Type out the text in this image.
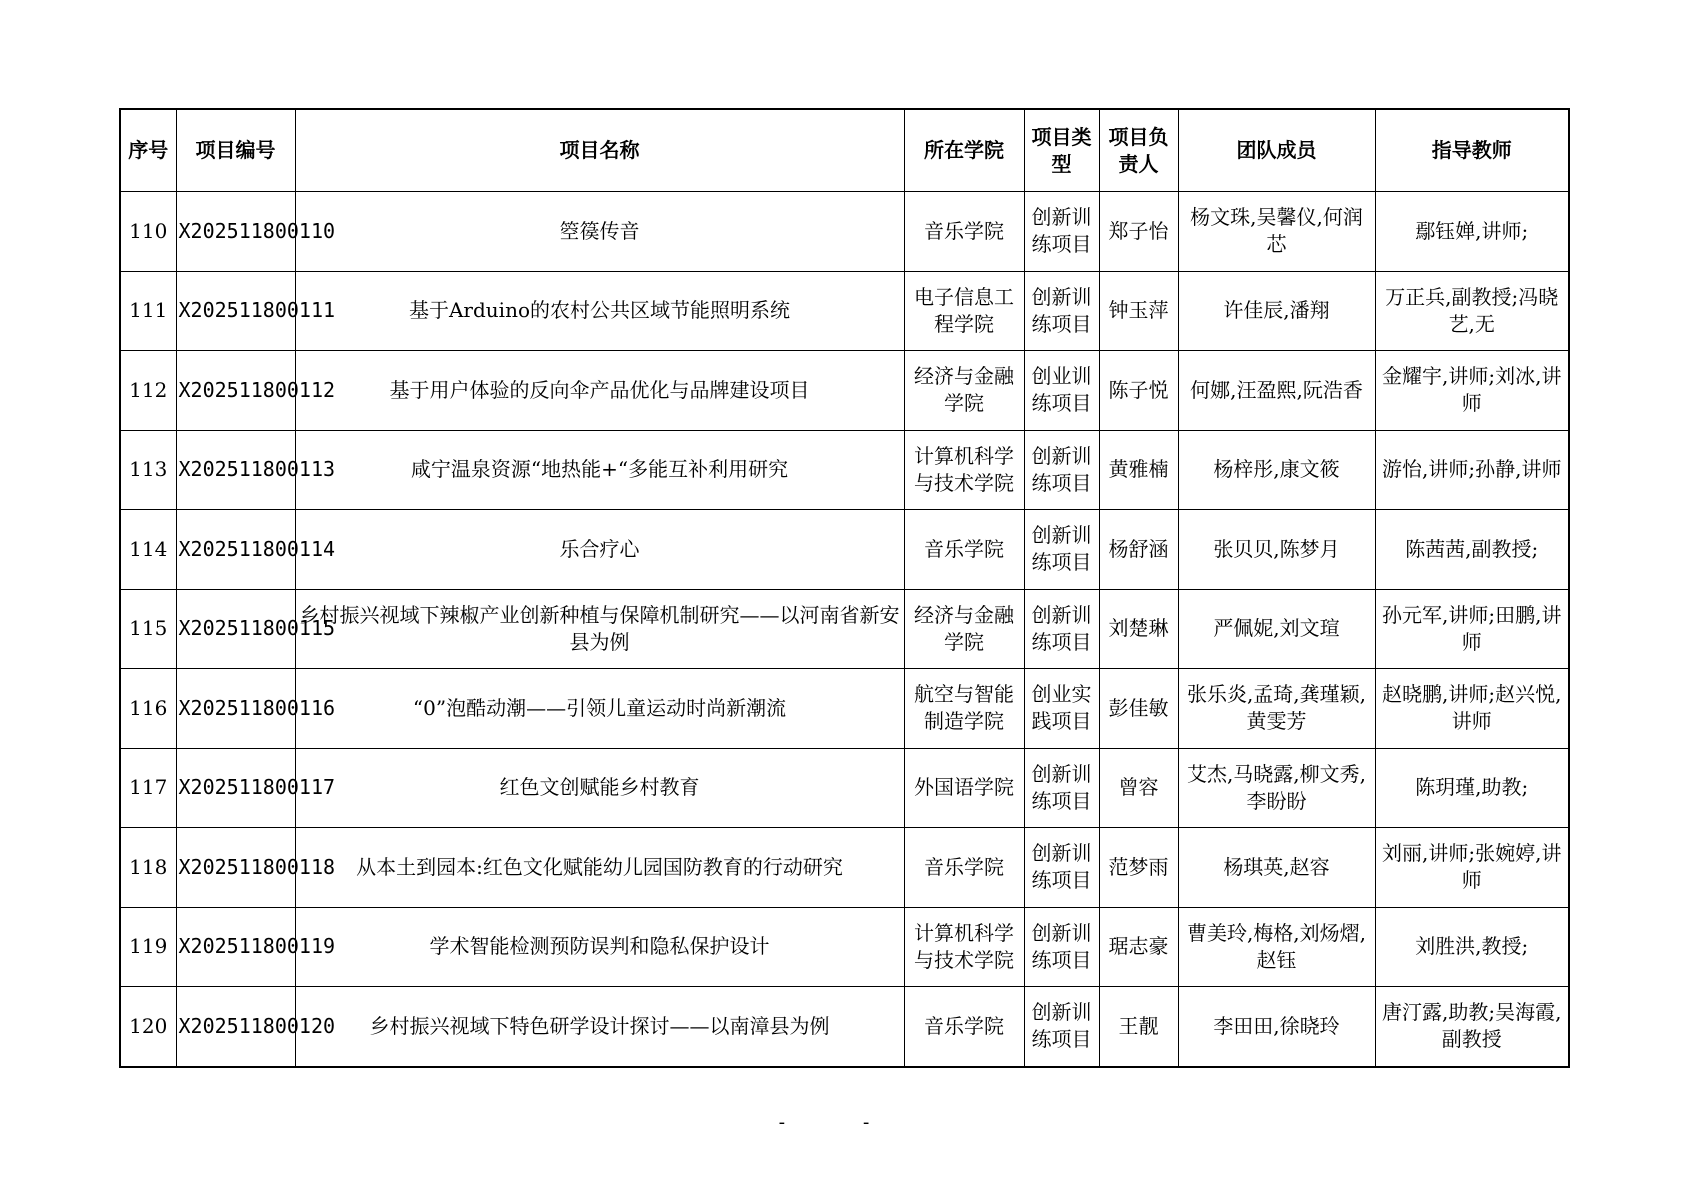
序号	项目编号	项目名称	所在学院	项目类型	项目负责人	团队成员	指导教师
110	X202511800110	箜篌传音	音乐学院	创新训练项目	郑子怡	杨文珠,吴馨仪,何润芯	鄢钰婵,讲师;
111	X202511800111	基于Arduino的农村公共区域节能照明系统	电子信息工程学院	创新训练项目	钟玉萍	许佳辰,潘翔	万正兵,副教授;冯晓艺,无
112	X202511800112	基于用户体验的反向伞产品优化与品牌建设项目	经济与金融学院	创业训练项目	陈子悦	何娜,汪盈熙,阮浩香	金耀宇,讲师;刘冰,讲师
113	X202511800113	咸宁温泉资源“地热能+“多能互补利用研究	计算机科学与技术学院	创新训练项目	黄雅楠	杨梓彤,康文筱	游怡,讲师;孙静,讲师
114	X202511800114	乐合疗心	音乐学院	创新训练项目	杨舒涵	张贝贝,陈梦月	陈茜茜,副教授;
115	X202511800115	乡村振兴视域下辣椒产业创新种植与保障机制研究——以河南省新安县为例	经济与金融学院	创新训练项目	刘楚琳	严佩妮,刘文瑄	孙元军,讲师;田鹏,讲师
116	X202511800116	“0”泡酷动潮——引领儿童运动时尚新潮流	航空与智能制造学院	创业实践项目	彭佳敏	张乐炎,孟琦,龚瑾颖,黄雯芳	赵晓鹏,讲师;赵兴悦,讲师
117	X202511800117	红色文创赋能乡村教育	外国语学院	创新训练项目	曾容	艾杰,马晓露,柳文秀,李盼盼	陈玥瑾,助教;
118	X202511800118	从本土到园本:红色文化赋能幼儿园国防教育的行动研究	音乐学院	创新训练项目	范梦雨	杨琪英,赵容	刘丽,讲师;张婉婷,讲师
119	X202511800119	学术智能检测预防误判和隐私保护设计	计算机科学与技术学院	创新训练项目	琚志豪	曹美玲,梅格,刘炀熠,赵钰	刘胜洪,教授;
120	X202511800120	乡村振兴视域下特色研学设计探讨——以南漳县为例	音乐学院	创新训练项目	王靓	李田田,徐晓玲	唐汀露,助教;吴海霞,副教授
- -
